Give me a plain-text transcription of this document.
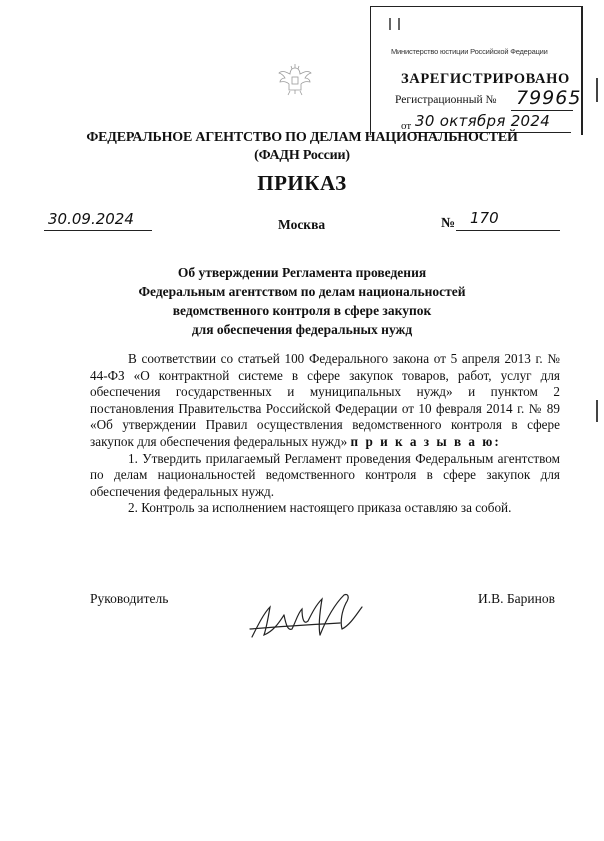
Министерство юстиции Российской Федерации
ЗАРЕГИСТРИРОВАНО
Регистрационный № 79965
от 30 октября 2024
ФЕДЕРАЛЬНОЕ АГЕНТСТВО ПО ДЕЛАМ НАЦИОНАЛЬНОСТЕЙ
(ФАДН России)
ПРИКАЗ
30.09.2024	Москва	№ 170
Об утверждении Регламента проведения
Федеральным агентством по делам национальностей
ведомственного контроля в сфере закупок
для обеспечения федеральных нужд

В соответствии со статьей 100 Федерального закона от 5 апреля 2013 г. № 44-ФЗ «О контрактной системе в сфере закупок товаров, работ, услуг для обеспечения государственных и муниципальных нужд» и пунктом 2 постановления Правительства Российской Федерации от 10 февраля 2014 г. № 89 «Об утверждении Правил осуществления ведомственного контроля в сфере закупок для обеспечения федеральных нужд» п р и к а з ы в а ю:

1. Утвердить прилагаемый Регламент проведения Федеральным агентством по делам национальностей ведомственного контроля в сфере закупок для обеспечения федеральных нужд.

2. Контроль за исполнением настоящего приказа оставляю за собой.

Руководитель	И.В. Баринов
